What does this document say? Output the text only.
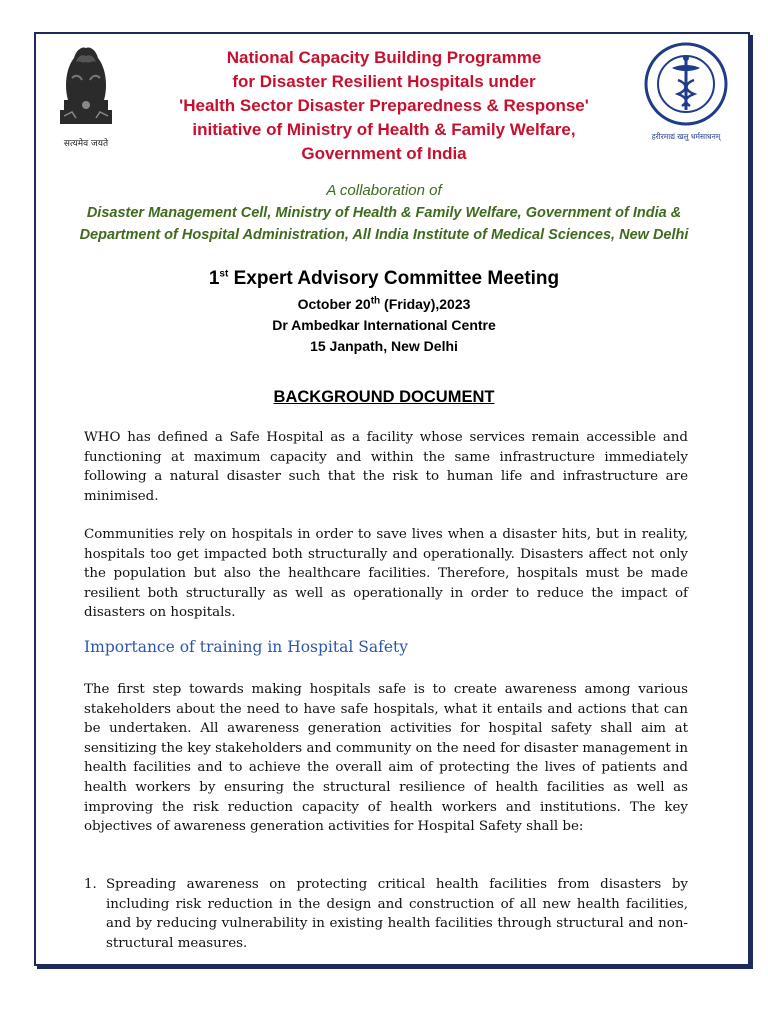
सत्यमेव जयते
हरीरमाद्यं खलु धर्मसाधनम्
National Capacity Building Programme
for Disaster Resilient Hospitals under
'Health Sector Disaster Preparedness & Response'
initiative of Ministry of Health & Family Welfare,
Government of India
A collaboration of
Disaster Management Cell, Ministry of Health & Family Welfare, Government of India &
Department of Hospital Administration, All India Institute of Medical Sciences, New Delhi
1st Expert Advisory Committee Meeting
October 20th (Friday),2023
Dr Ambedkar International Centre
15 Janpath, New Delhi
BACKGROUND DOCUMENT

WHO has defined a Safe Hospital as a facility whose services remain accessible and functioning at maximum capacity and within the same infrastructure immediately following a natural disaster such that the risk to human life and infrastructure are minimised.

Communities rely on hospitals in order to save lives when a disaster hits, but in reality, hospitals too get impacted both structurally and operationally. Disasters affect not only the population but also the healthcare facilities. Therefore, hospitals must be made resilient both structurally as well as operationally in order to reduce the impact of disasters on hospitals.

Importance of training in Hospital Safety

The first step towards making hospitals safe is to create awareness among various stakeholders about the need to have safe hospitals, what it entails and actions that can be undertaken. All awareness generation activities for hospital safety shall aim at sensitizing the key stakeholders and community on the need for disaster management in health facilities and to achieve the overall aim of protecting the lives of patients and health workers by ensuring the structural resilience of health facilities as well as improving the risk reduction capacity of health workers and institutions. The key objectives of awareness generation activities for Hospital Safety shall be:

1. Spreading awareness on protecting critical health facilities from disasters by including risk reduction in the design and construction of all new health facilities, and by reducing vulnerability in existing health facilities through structural and non-structural measures.
